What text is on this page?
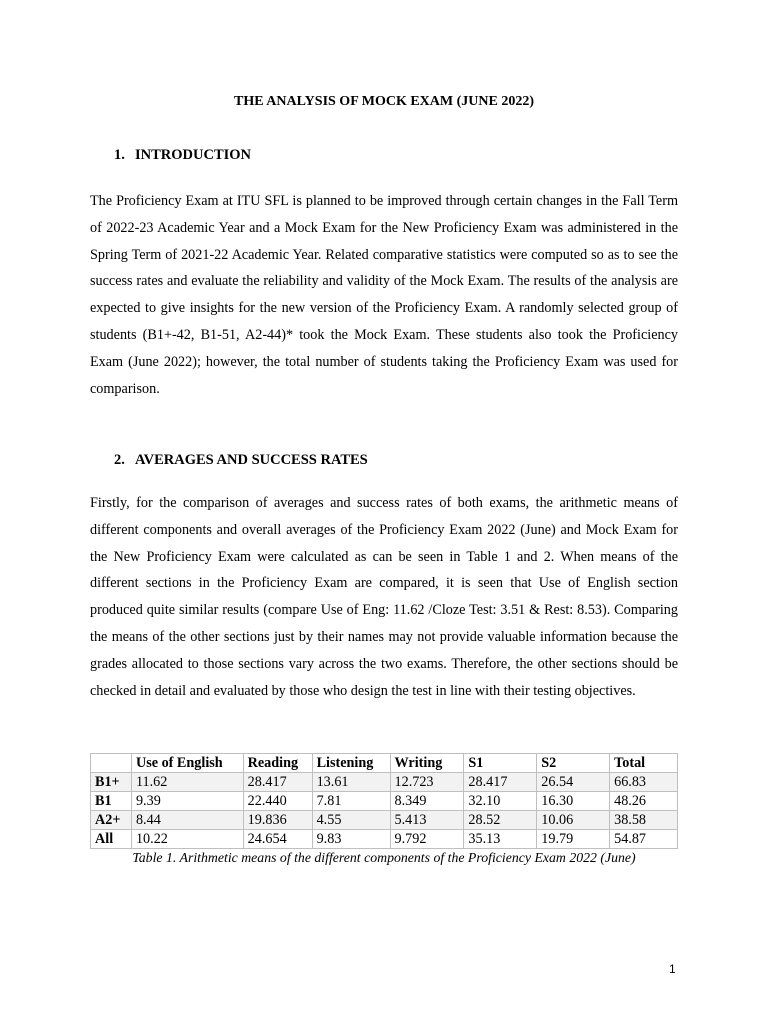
THE ANALYSIS OF MOCK EXAM (JUNE 2022)
1. INTRODUCTION

The Proficiency Exam at ITU SFL is planned to be improved through certain changes in the Fall Term of 2022-23 Academic Year and a Mock Exam for the New Proficiency Exam was administered in the Spring Term of 2021-22 Academic Year. Related comparative statistics were computed so as to see the success rates and evaluate the reliability and validity of the Mock Exam. The results of the analysis are expected to give insights for the new version of the Proficiency Exam. A randomly selected group of students (B1+-42, B1-51, A2-44)* took the Mock Exam. These students also took the Proficiency Exam (June 2022); however, the total number of students taking the Proficiency Exam was used for comparison.

2. AVERAGES AND SUCCESS RATES

Firstly, for the comparison of averages and success rates of both exams, the arithmetic means of different components and overall averages of the Proficiency Exam 2022 (June) and Mock Exam for the New Proficiency Exam were calculated as can be seen in Table 1 and 2. When means of the different sections in the Proficiency Exam are compared, it is seen that Use of English section produced quite similar results (compare Use of Eng: 11.62 /Cloze Test: 3.51 & Rest: 8.53). Comparing the means of the other sections just by their names may not provide valuable information because the grades allocated to those sections vary across the two exams. Therefore, the other sections should be checked in detail and evaluated by those who design the test in line with their testing objectives.

	Use of English	Reading	Listening	Writing	S1	S2	Total
B1+	11.62	28.417	13.61	12.723	28.417	26.54	66.83
B1	9.39	22.440	7.81	8.349	32.10	16.30	48.26
A2+	8.44	19.836	4.55	5.413	28.52	10.06	38.58
All	10.22	24.654	9.83	9.792	35.13	19.79	54.87
Table 1. Arithmetic means of the different components of the Proficiency Exam 2022 (June)
1
